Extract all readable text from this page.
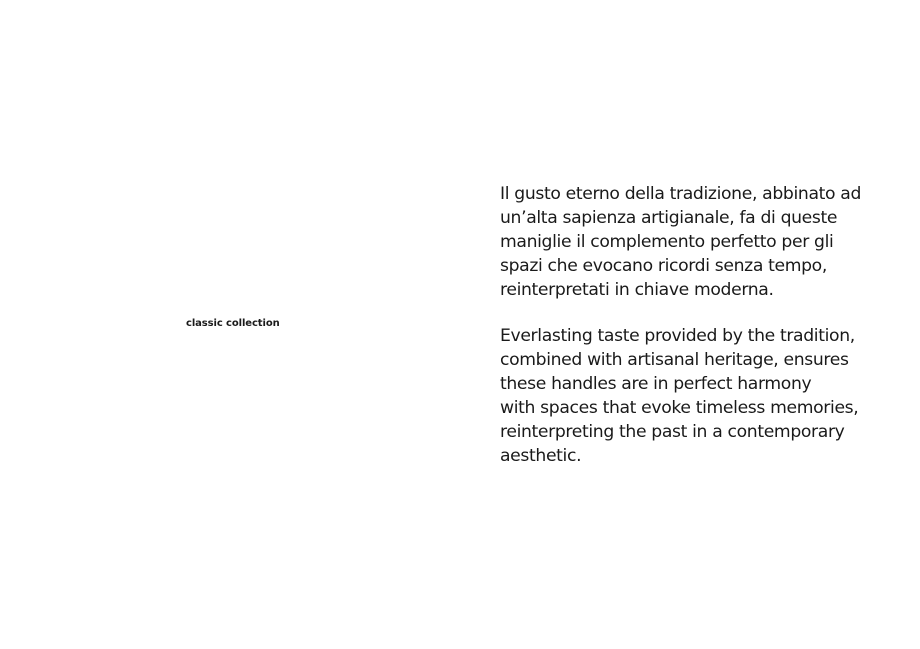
classic collection

Il gusto eterno della tradizione, abbinato ad
un’alta sapienza artigianale, fa di queste
maniglie il complemento perfetto per gli
spazi che evocano ricordi senza tempo,
reinterpretati in chiave moderna.

Everlasting taste provided by the tradition,
combined with artisanal heritage, ensures
these handles are in perfect harmony
with spaces that evoke timeless memories,
reinterpreting the past in a contemporary
aesthetic.
